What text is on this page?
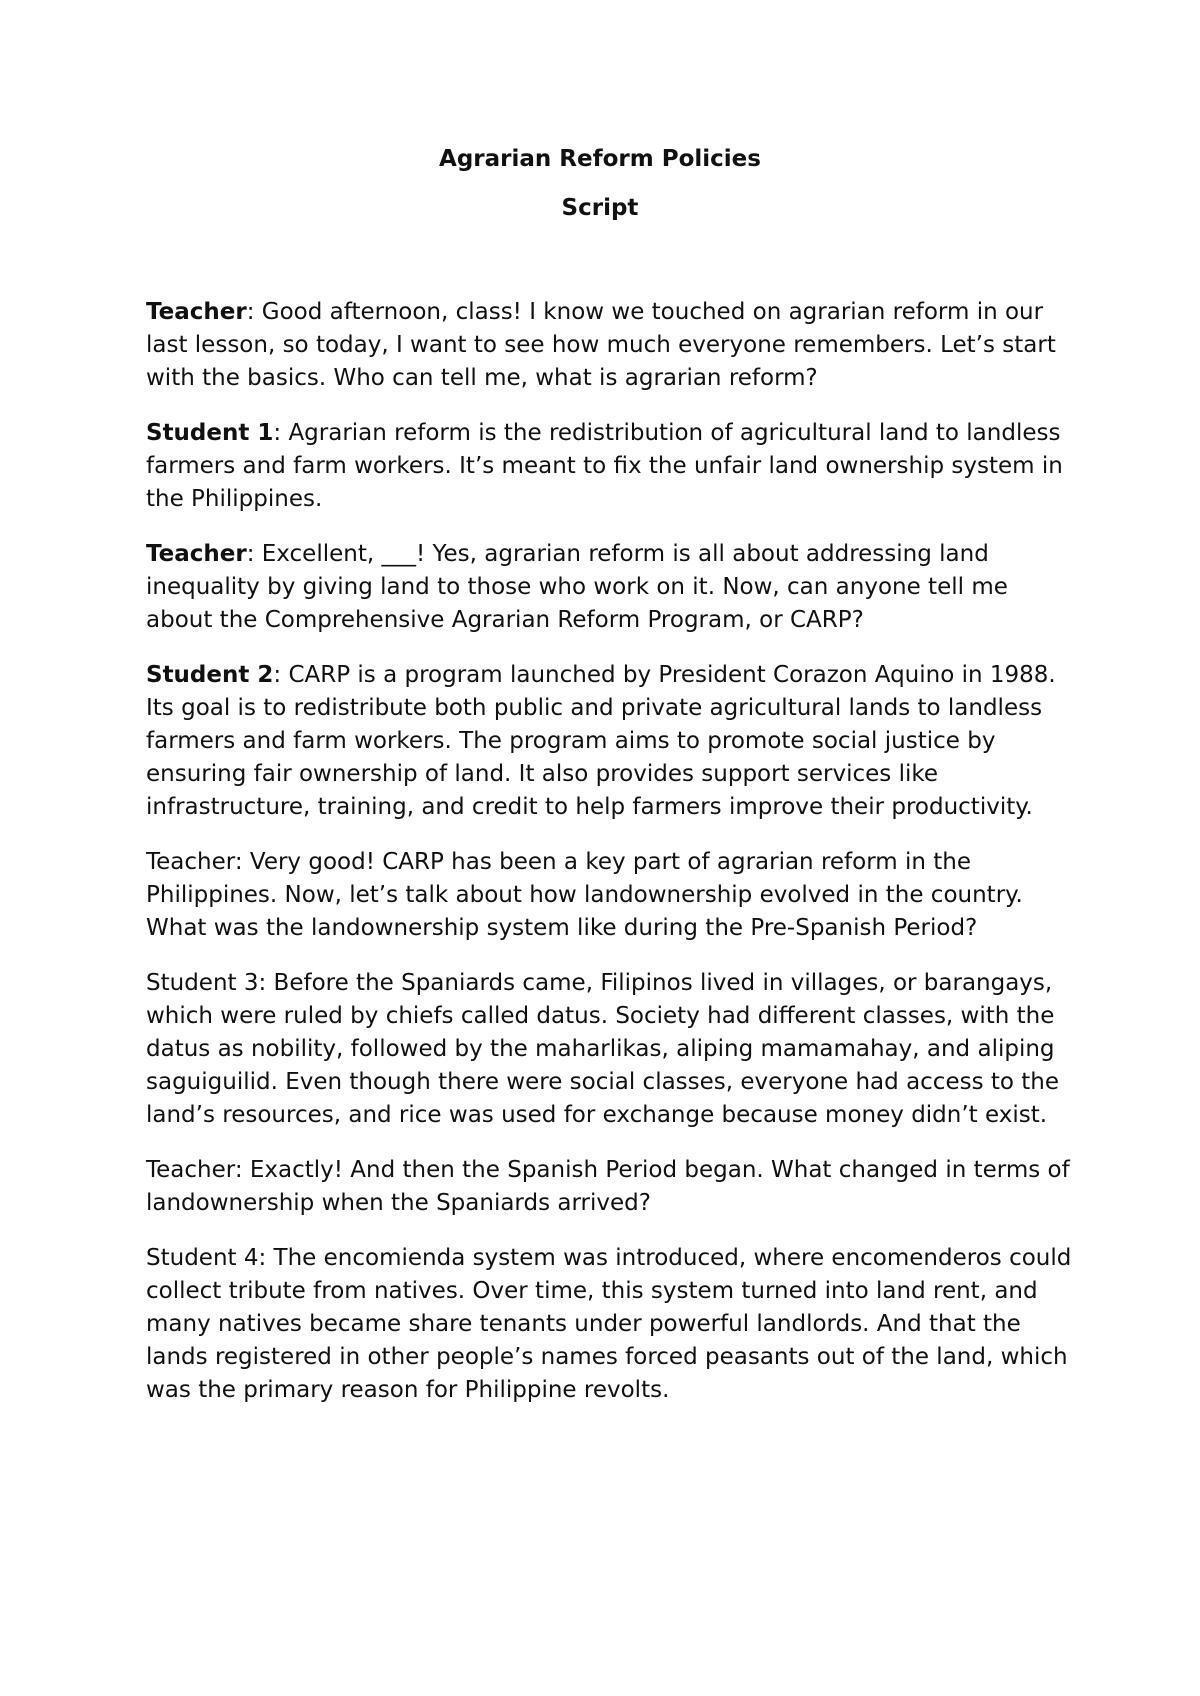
Agrarian Reform Policies
Script

Teacher: Good afternoon, class! I know we touched on agrarian reform in our last lesson, so today, I want to see how much everyone remembers. Let’s start with the basics. Who can tell me, what is agrarian reform?

Student 1: Agrarian reform is the redistribution of agricultural land to landless farmers and farm workers. It’s meant to fix the unfair land ownership system in the Philippines.

Teacher: Excellent, ___! Yes, agrarian reform is all about addressing land inequality by giving land to those who work on it. Now, can anyone tell me about the Comprehensive Agrarian Reform Program, or CARP?

Student 2: CARP is a program launched by President Corazon Aquino in 1988. Its goal is to redistribute both public and private agricultural lands to landless farmers and farm workers. The program aims to promote social justice by ensuring fair ownership of land. It also provides support services like infrastructure, training, and credit to help farmers improve their productivity.

Teacher: Very good! CARP has been a key part of agrarian reform in the Philippines. Now, let’s talk about how landownership evolved in the country. What was the landownership system like during the Pre-Spanish Period?

Student 3: Before the Spaniards came, Filipinos lived in villages, or barangays, which were ruled by chiefs called datus. Society had different classes, with the datus as nobility, followed by the maharlikas, aliping mamamahay, and aliping saguiguilid. Even though there were social classes, everyone had access to the land’s resources, and rice was used for exchange because money didn’t exist.

Teacher: Exactly! And then the Spanish Period began. What changed in terms of landownership when the Spaniards arrived?

Student 4: The encomienda system was introduced, where encomenderos could collect tribute from natives. Over time, this system turned into land rent, and many natives became share tenants under powerful landlords. And that the lands registered in other people’s names forced peasants out of the land, which was the primary reason for Philippine revolts.
